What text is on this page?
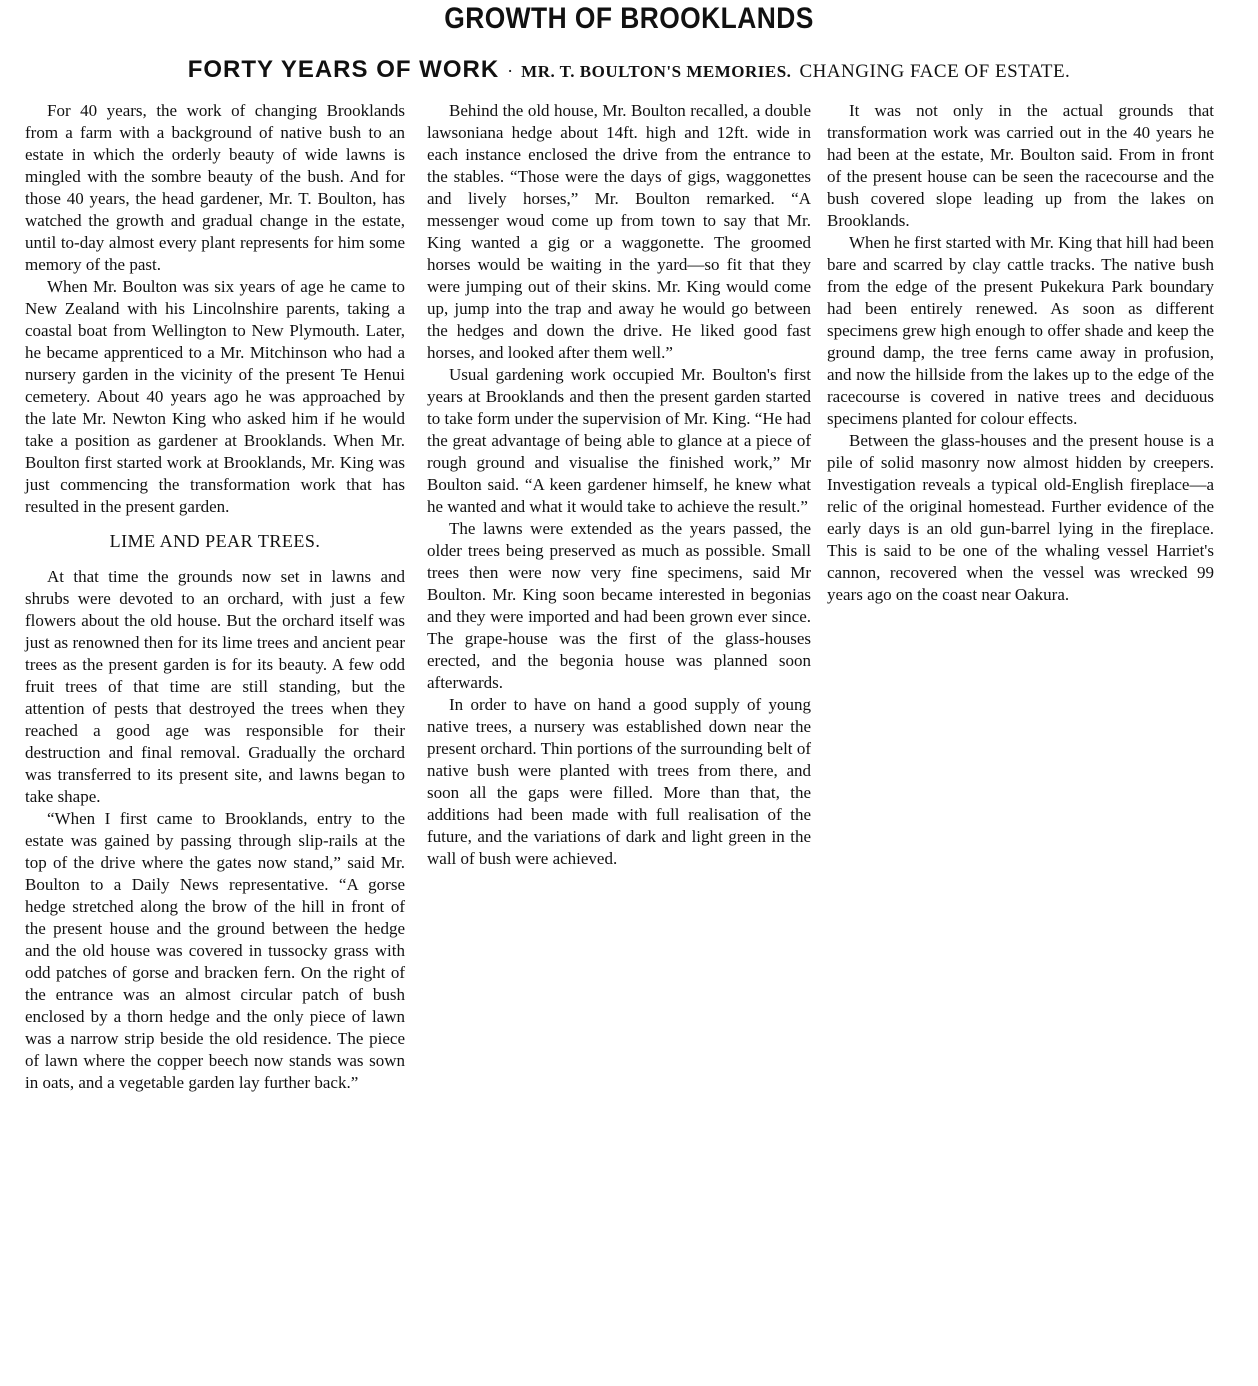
GROWTH OF BROOKLANDS
FORTY YEARS OF WORK · MR. T. BOULTON'S MEMORIES. CHANGING FACE OF ESTATE.

For 40 years, the work of changing Brooklands from a farm with a background of native bush to an estate in which the orderly beauty of wide lawns is mingled with the sombre beauty of the bush. And for those 40 years, the head gardener, Mr. T. Boulton, has watched the growth and gradual change in the estate, until to-day almost every plant represents for him some memory of the past.

When Mr. Boulton was six years of age he came to New Zealand with his Lincolnshire parents, taking a coastal boat from Wellington to New Plymouth. Later, he became apprenticed to a Mr. Mitchinson who had a nursery garden in the vicinity of the present Te Henui cemetery. About 40 years ago he was approached by the late Mr. Newton King who asked him if he would take a position as gardener at Brooklands. When Mr. Boulton first started work at Brooklands, Mr. King was just commencing the transformation work that has resulted in the present garden.

LIME AND PEAR TREES.

At that time the grounds now set in lawns and shrubs were devoted to an orchard, with just a few flowers about the old house. But the orchard itself was just as renowned then for its lime trees and ancient pear trees as the present garden is for its beauty. A few odd fruit trees of that time are still standing, but the attention of pests that destroyed the trees when they reached a good age was responsible for their destruction and final removal. Gradually the orchard was transferred to its present site, and lawns began to take shape.

“When I first came to Brooklands, entry to the estate was gained by passing through slip-rails at the top of the drive where the gates now stand,” said Mr. Boulton to a Daily News representative. “A gorse hedge stretched along the brow of the hill in front of the present house and the ground between the hedge and the old house was covered in tussocky grass with odd patches of gorse and bracken fern. On the right of the entrance was an almost circular patch of bush enclosed by a thorn hedge and the only piece of lawn was a narrow strip beside the old residence. The piece of lawn where the copper beech now stands was sown in oats, and a vegetable garden lay further back.”

Behind the old house, Mr. Boulton recalled, a double lawsoniana hedge about 14ft. high and 12ft. wide in each instance enclosed the drive from the entrance to the stables. “Those were the days of gigs, waggonettes and lively horses,” Mr. Boulton remarked. “A messenger woud come up from town to say that Mr. King wanted a gig or a waggonette. The groomed horses would be waiting in the yard—so fit that they were jumping out of their skins. Mr. King would come up, jump into the trap and away he would go between the hedges and down the drive. He liked good fast horses, and looked after them well.”

Usual gardening work occupied Mr. Boulton's first years at Brooklands and then the present garden started to take form under the supervision of Mr. King. “He had the great advantage of being able to glance at a piece of rough ground and visualise the finished work,” Mr Boulton said. “A keen gardener himself, he knew what he wanted and what it would take to achieve the result.”

The lawns were extended as the years passed, the older trees being preserved as much as possible. Small trees then were now very fine specimens, said Mr Boulton. Mr. King soon became interested in begonias and they were imported and had been grown ever since. The grape-house was the first of the glass-houses erected, and the begonia house was planned soon afterwards.

In order to have on hand a good supply of young native trees, a nursery was established down near the present orchard. Thin portions of the surrounding belt of native bush were planted with trees from there, and soon all the gaps were filled. More than that, the additions had been made with full realisation of the future, and the variations of dark and light green in the wall of bush were achieved.

It was not only in the actual grounds that transformation work was carried out in the 40 years he had been at the estate, Mr. Boulton said. From in front of the present house can be seen the racecourse and the bush covered slope leading up from the lakes on Brooklands.

When he first started with Mr. King that hill had been bare and scarred by clay cattle tracks. The native bush from the edge of the present Pukekura Park boundary had been entirely renewed. As soon as different specimens grew high enough to offer shade and keep the ground damp, the tree ferns came away in profusion, and now the hillside from the lakes up to the edge of the racecourse is covered in native trees and deciduous specimens planted for colour effects.

Between the glass-houses and the present house is a pile of solid masonry now almost hidden by creepers. Investigation reveals a typical old-English fireplace—a relic of the original homestead. Further evidence of the early days is an old gun-barrel lying in the fireplace. This is said to be one of the whaling vessel Harriet's cannon, recovered when the vessel was wrecked 99 years ago on the coast near Oakura.
